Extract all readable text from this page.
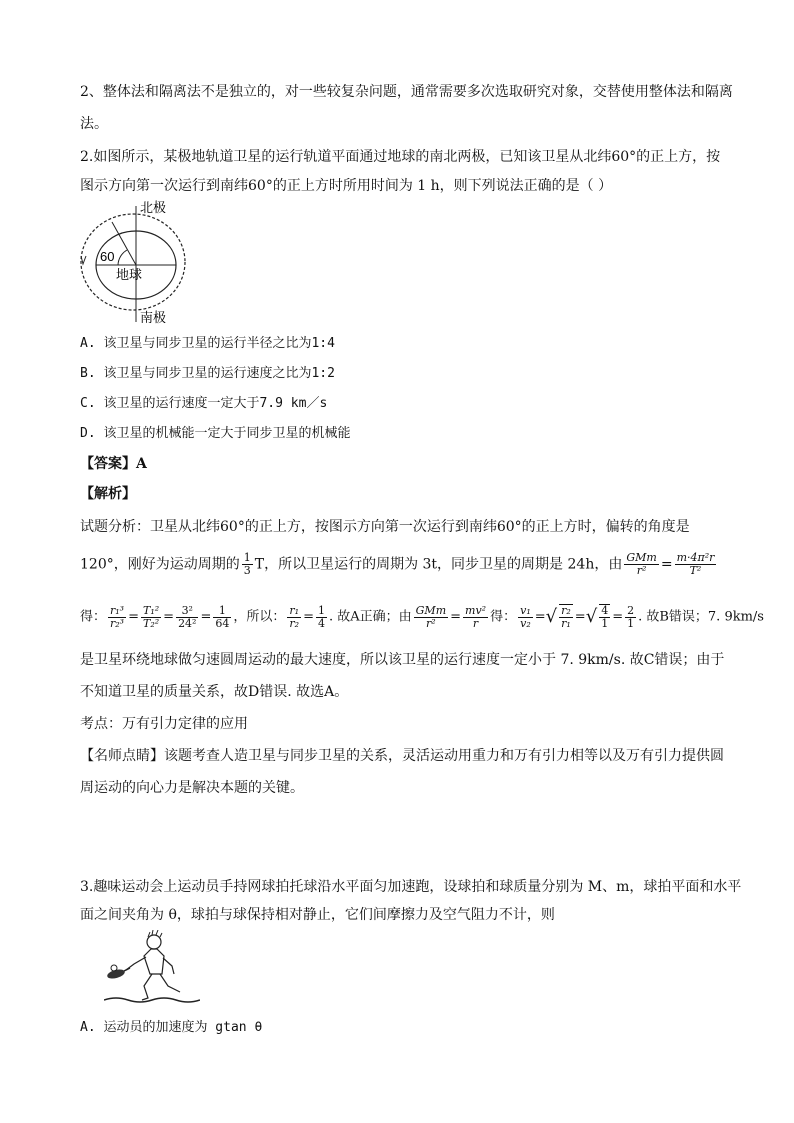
2、整体法和隔离法不是独立的，对一些较复杂问题，通常需要多次选取研究对象，交替使用整体法和隔离
法。
2.如图所示，某极地轨道卫星的运行轨道平面通过地球的南北两极，已知该卫星从北纬60°的正上方，按
图示方向第一次运行到南纬60°的正上方时所用时间为 1 h，则下列说法正确的是（ ）
北极
60
地球
南极
A. 该卫星与同步卫星的运行半径之比为1:4
B. 该卫星与同步卫星的运行速度之比为1:2
C. 该卫星的运行速度一定大于7.9 km／s
D. 该卫星的机械能一定大于同步卫星的机械能
【答案】A
【解析】
试题分析：卫星从北纬60°的正上方，按图示方向第一次运行到南纬60°的正上方时，偏转的角度是
120°，刚好为运动周期的 $\frac{1}{3}$ T，所以卫星运行的周期为 3t，同步卫星的周期是 24h，由 $\frac{\text{GMm}}{\text{r²}} = \frac{\text{m·4π²r}}{\text{T²}}$
得： $\frac{\text{r₁³}}{\text{r₂³}} = \frac{\text{T₁²}}{\text{T₂²}} = \frac{\text{3²}}{\text{24²}} = \frac{1}{64}$ ，所以： $\frac{\text{r₁}}{\text{r₂}} = \frac{1}{4}$ . 故A正确；由 $\frac{\text{GMm}}{\text{r²}} = \frac{\text{mv²}}{r}$ 得： $\frac{\text{v₁}}{\text{v₂}}$ =√ $\frac{\text{r₂}}{\text{r₁}}$ =√ $\frac{4}{1} = \frac{2}{1}$ . 故B错误；7. 9km/s
是卫星环绕地球做匀速圆周运动的最大速度，所以该卫星的运行速度一定小于 7. 9km/s. 故C错误；由于
不知道卫星的质量关系，故D错误. 故选A。
考点：万有引力定律的应用
【名师点睛】该题考查人造卫星与同步卫星的关系，灵活运动用重力和万有引力相等以及万有引力提供圆
周运动的向心力是解决本题的关键。
3.趣味运动会上运动员手持网球拍托球沿水平面匀加速跑，设球拍和球质量分别为 M、m，球拍平面和水平
面之间夹角为 θ，球拍与球保持相对静止，它们间摩擦力及空气阻力不计，则
A. 运动员的加速度为 gtan θ
